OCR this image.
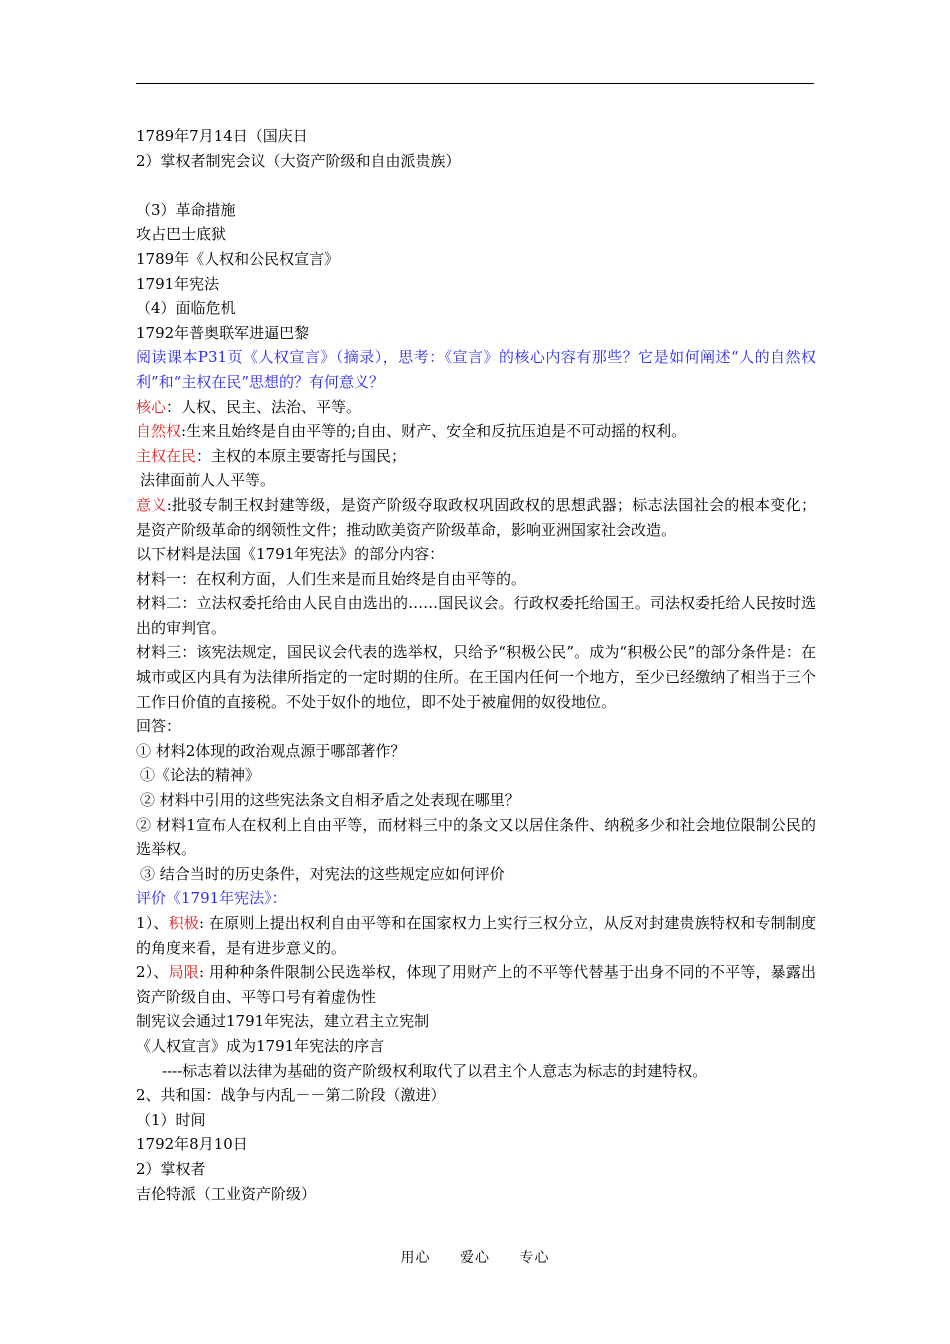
1789年7月14日（国庆日

2）掌权者制宪会议（大资产阶级和自由派贵族）

（3）革命措施

攻占巴士底狱

1789年《人权和公民权宣言》

1791年宪法

（4）面临危机

1792年普奥联军进逼巴黎

阅读课本P31页《人权宣言》（摘录），思考：《宣言》的核心内容有那些？它是如何阐述“人的自然权利”和“主权在民”思想的？有何意义？

核心：人权、民主、法治、平等。

自然权:生来且始终是自由平等的;自由、财产、安全和反抗压迫是不可动摇的权利。

主权在民：主权的本原主要寄托与国民；

法律面前人人平等。

意义:批驳专制王权封建等级，是资产阶级夺取政权巩固政权的思想武器；标志法国社会的根本变化；是资产阶级革命的纲领性文件；推动欧美资产阶级革命，影响亚洲国家社会改造。

以下材料是法国《1791年宪法》的部分内容：

材料一：在权利方面，人们生来是而且始终是自由平等的。

材料二：立法权委托给由人民自由选出的……国民议会。行政权委托给国王。司法权委托给人民按时选出的审判官。

材料三：该宪法规定，国民议会代表的选举权，只给予“积极公民”。成为“积极公民”的部分条件是：在城市或区内具有为法律所指定的一定时期的住所。在王国内任何一个地方，至少已经缴纳了相当于三个工作日价值的直接税。不处于奴仆的地位，即不处于被雇佣的奴役地位。

回答：

① 材料2体现的政治观点源于哪部著作？

①《论法的精神》

② 材料中引用的这些宪法条文自相矛盾之处表现在哪里？

② 材料1宣布人在权利上自由平等，而材料三中的条文又以居住条件、纳税多少和社会地位限制公民的选举权。

③ 结合当时的历史条件，对宪法的这些规定应如何评价

评价《1791年宪法》：

1）、积极: 在原则上提出权利自由平等和在国家权力上实行三权分立，从反对封建贵族特权和专制制度的角度来看，是有进步意义的。

2）、局限: 用种种条件限制公民选举权，体现了用财产上的不平等代替基于出身不同的不平等，暴露出资产阶级自由、平等口号有着虚伪性

制宪议会通过1791年宪法，建立君主立宪制

《人权宣言》成为1791年宪法的序言

----标志着以法律为基础的资产阶级权利取代了以君主个人意志为标志的封建特权。

2、共和国：战争与内乱－－第二阶段（激进）

（1）时间

1792年8月10日

2）掌权者

吉伦特派（工业资产阶级）

用心 爱心 专心
